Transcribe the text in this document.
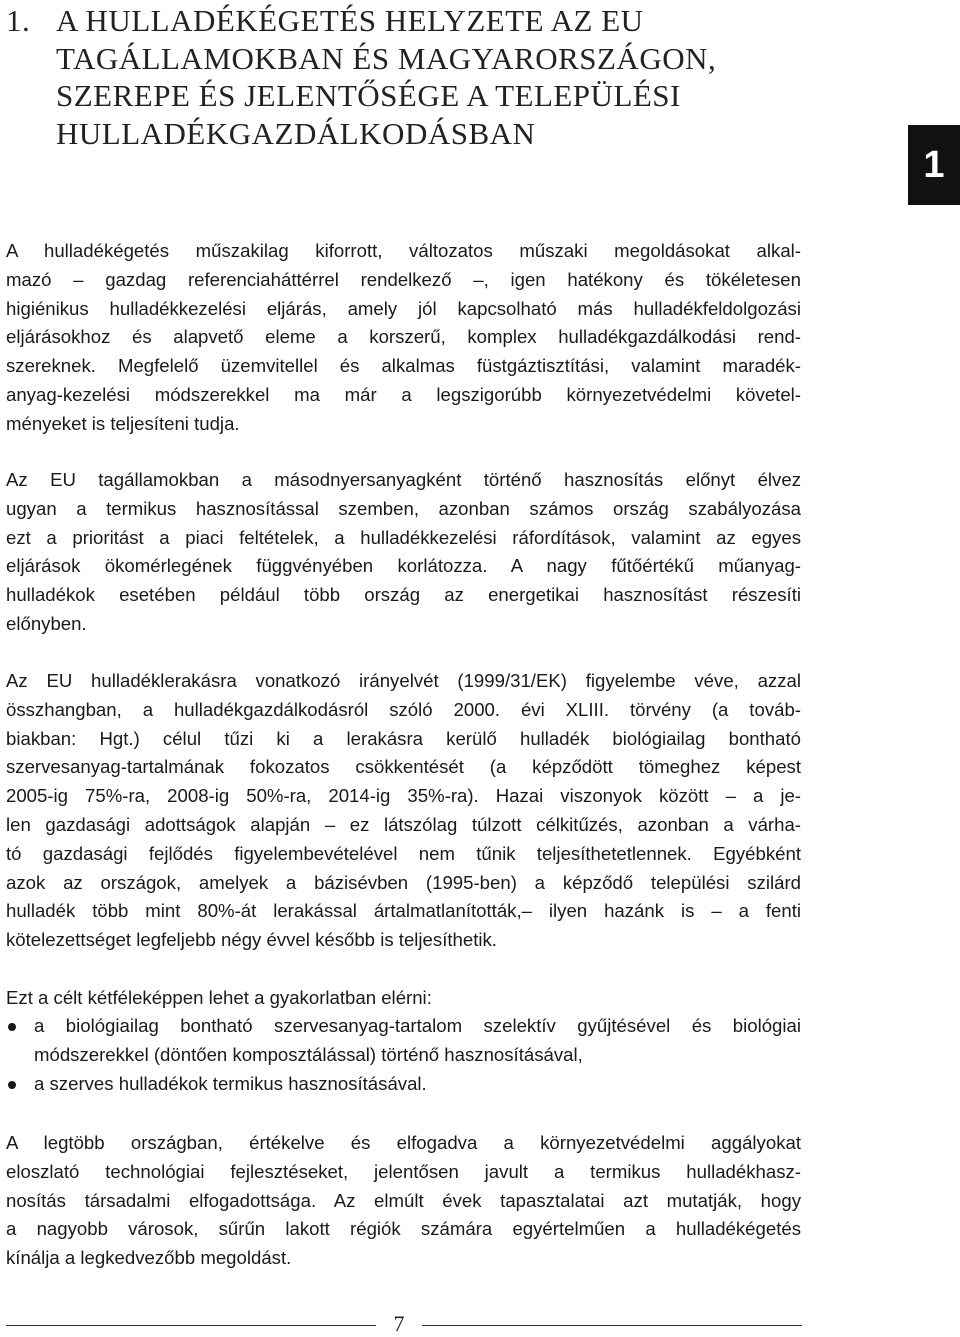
1. A HULLADÉKÉGETÉS HELYZETE AZ EU
TAGÁLLAMOKBAN ÉS MAGYARORSZÁGON,
SZEREPE ÉS JELENTŐSÉGE A TELEPÜLÉSI
HULLADÉKGAZDÁLKODÁSBAN
1

A hulladékégetés műszakilag kiforrott, változatos műszaki megoldásokat alkal-
mazó – gazdag referenciaháttérrel rendelkező –, igen hatékony és tökéletesen
higiénikus hulladékkezelési eljárás, amely jól kapcsolható más hulladékfeldolgozási
eljárásokhoz és alapvető eleme a korszerű, komplex hulladékgazdálkodási rend-
szereknek. Megfelelő üzemvitellel és alkalmas füstgáztisztítási, valamint maradék-
anyag-kezelési módszerekkel ma már a legszigorúbb környezetvédelmi követel-
ményeket is teljesíteni tudja.

Az EU tagállamokban a másodnyersanyagként történő hasznosítás előnyt élvez
ugyan a termikus hasznosítással szemben, azonban számos ország szabályozása
ezt a prioritást a piaci feltételek, a hulladékkezelési ráfordítások, valamint az egyes
eljárások ökomérlegének függvényében korlátozza. A nagy fűtőértékű műanyag-
hulladékok esetében például több ország az energetikai hasznosítást részesíti
előnyben.

Az EU hulladéklerakásra vonatkozó irányelvét (1999/31/EK) figyelembe véve, azzal
összhangban, a hulladékgazdálkodásról szóló 2000. évi XLIII. törvény (a továb-
biakban: Hgt.) célul tűzi ki a lerakásra kerülő hulladék biológiailag bontható
szervesanyag-tartalmának fokozatos csökkentését (a képződött tömeghez képest
2005-ig 75%-ra, 2008-ig 50%-ra, 2014-ig 35%-ra). Hazai viszonyok között – a je-
len gazdasági adottságok alapján – ez látszólag túlzott célkitűzés, azonban a várha-
tó gazdasági fejlődés figyelembevételével nem tűnik teljesíthetetlennek. Egyébként
azok az országok, amelyek a bázisévben (1995-ben) a képződő települési szilárd
hulladék több mint 80%-át lerakással ártalmatlanították,– ilyen hazánk is – a fenti
kötelezettséget legfeljebb négy évvel később is teljesíthetik.

Ezt a célt kétféleképpen lehet a gyakorlatban elérni:

a biológiailag bontható szervesanyag-tartalom szelektív gyűjtésével és biológiai
módszerekkel (döntően komposztálással) történő hasznosításával,
a szerves hulladékok termikus hasznosításával.

A legtöbb országban, értékelve és elfogadva a környezetvédelmi aggályokat
eloszlató technológiai fejlesztéseket, jelentősen javult a termikus hulladékhasz-
nosítás társadalmi elfogadottsága. Az elmúlt évek tapasztalatai azt mutatják, hogy
a nagyobb városok, sűrűn lakott régiók számára egyértelműen a hulladékégetés
kínálja a legkedvezőbb megoldást.

7
